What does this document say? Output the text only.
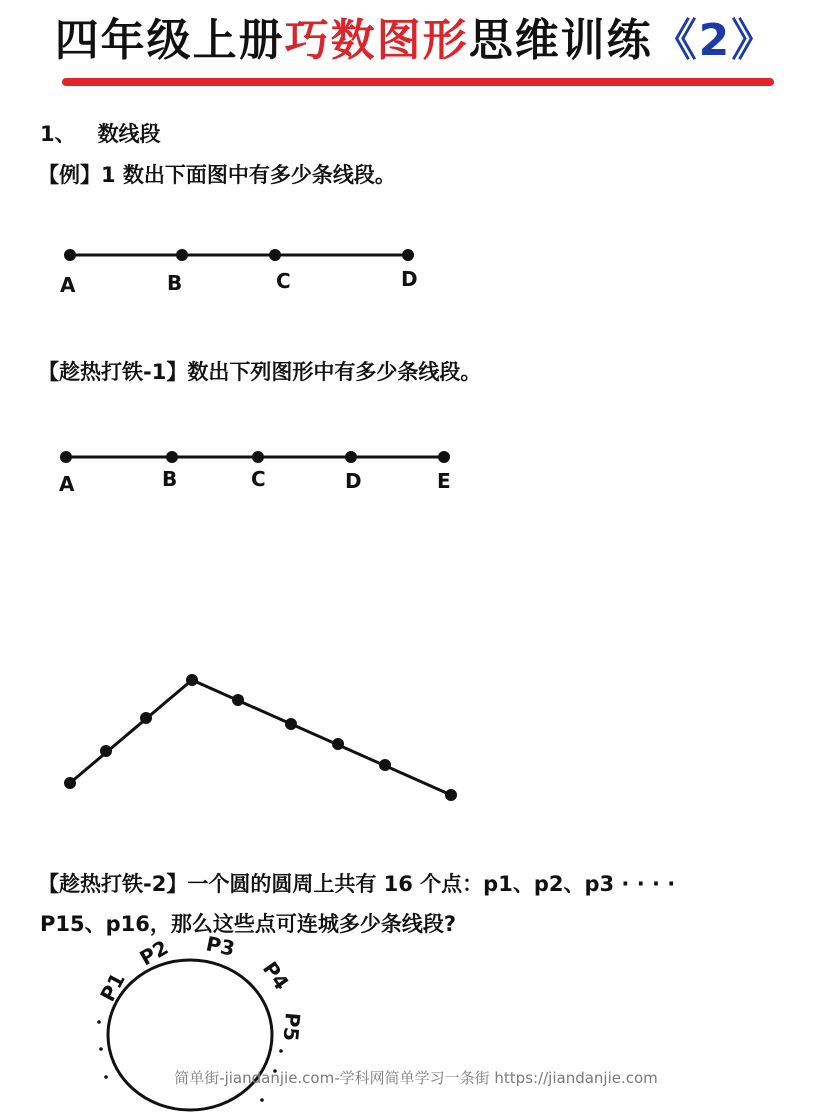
四年级上册巧数图形思维训练《2》
1、 数线段
【例】1 数出下面图中有多少条线段。
【趁热打铁-1】数出下列图形中有多少条线段。
【趁热打铁-2】一个圆的圆周上共有 16 个点：p1、p2、p3 · · · ·
P15、p16，那么这些点可连城多少条线段?
A	B	C	D
A	B	C	D	E
P1
P2 P3
P4
P5
简单街-jiandanjie.com-学科网简单学习一条街 https://jiandanjie.com
